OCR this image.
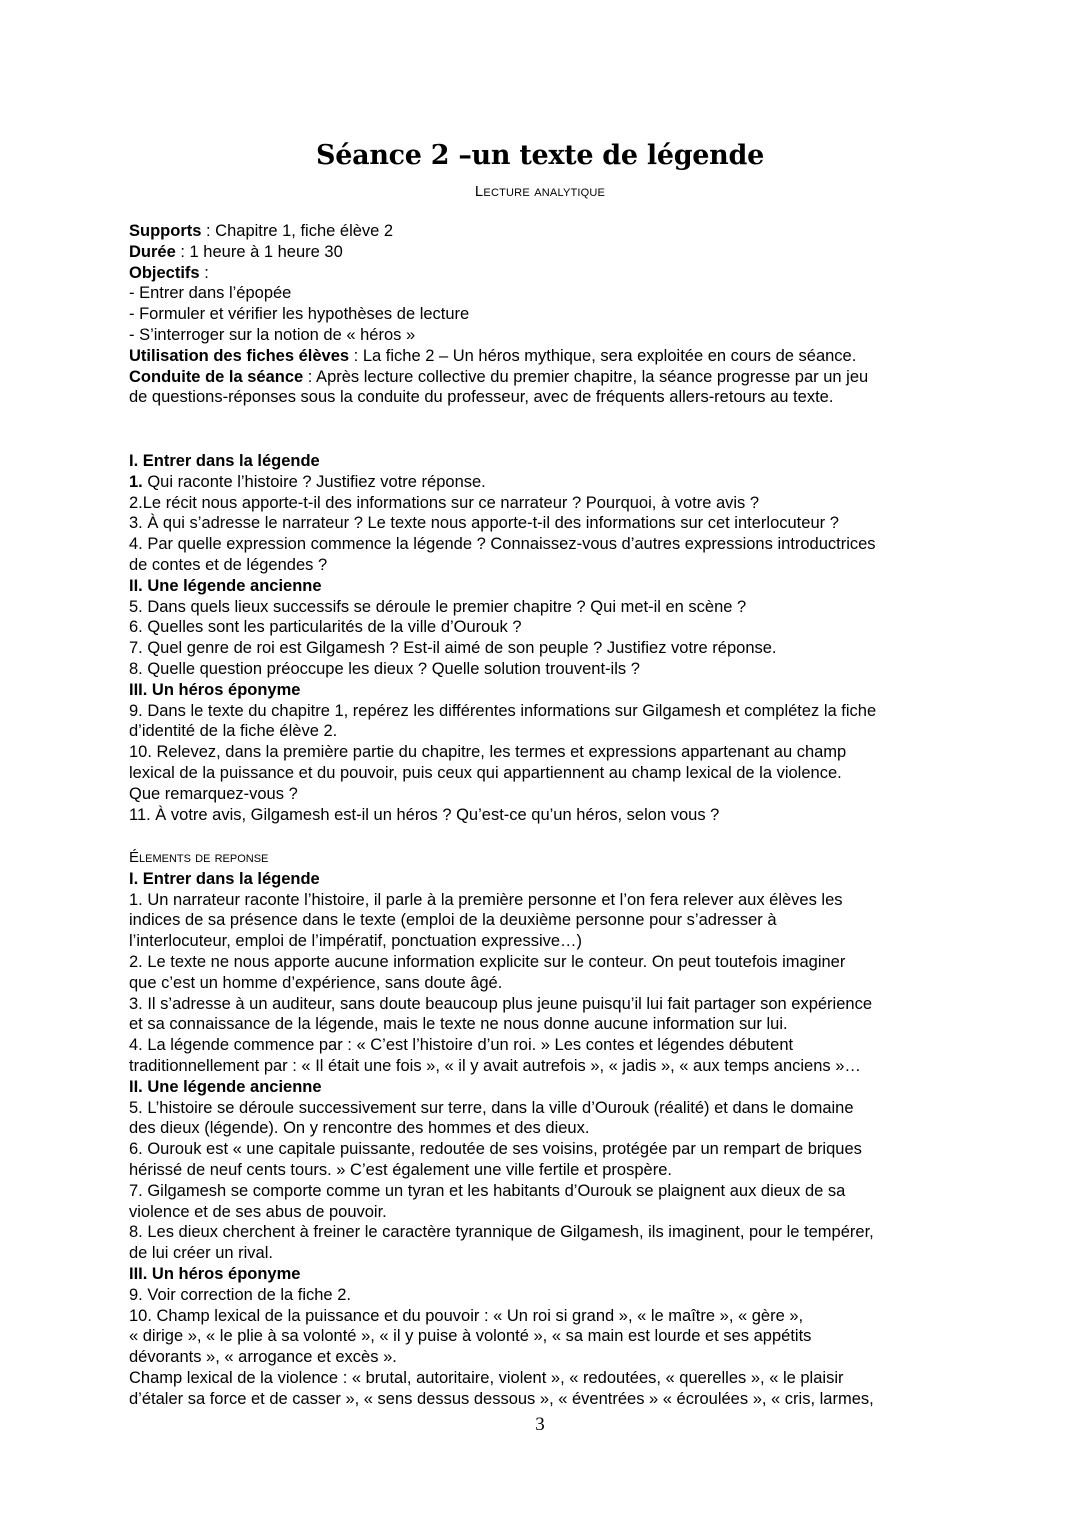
Séance 2 –un texte de légende
Lecture analytique
Supports : Chapitre 1, fiche élève 2
Durée : 1 heure à 1 heure 30
Objectifs :
- Entrer dans l’épopée
- Formuler et vérifier les hypothèses de lecture
- S’interroger sur la notion de « héros »
Utilisation des fiches élèves : La fiche 2 – Un héros mythique, sera exploitée en cours de séance.
Conduite de la séance : Après lecture collective du premier chapitre, la séance progresse par un jeu
de questions-réponses sous la conduite du professeur, avec de fréquents allers-retours au texte.
I. Entrer dans la légende
1. Qui raconte l’histoire ? Justifiez votre réponse.
2.Le récit nous apporte-t-il des informations sur ce narrateur ? Pourquoi, à votre avis ?
3. À qui s’adresse le narrateur ? Le texte nous apporte-t-il des informations sur cet interlocuteur ?
4. Par quelle expression commence la légende ? Connaissez-vous d’autres expressions introductrices
de contes et de légendes ?
II. Une légende ancienne
5. Dans quels lieux successifs se déroule le premier chapitre ? Qui met-il en scène ?
6. Quelles sont les particularités de la ville d’Ourouk ?
7. Quel genre de roi est Gilgamesh ? Est-il aimé de son peuple ? Justifiez votre réponse.
8. Quelle question préoccupe les dieux ? Quelle solution trouvent-ils ?
III. Un héros éponyme
9. Dans le texte du chapitre 1, repérez les différentes informations sur Gilgamesh et complétez la fiche
d’identité de la fiche élève 2.
10. Relevez, dans la première partie du chapitre, les termes et expressions appartenant au champ
lexical de la puissance et du pouvoir, puis ceux qui appartiennent au champ lexical de la violence.
Que remarquez-vous ?
11. À votre avis, Gilgamesh est-il un héros ? Qu’est-ce qu’un héros, selon vous ?
Élements de reponse
I. Entrer dans la légende
1. Un narrateur raconte l’histoire, il parle à la première personne et l’on fera relever aux élèves les
indices de sa présence dans le texte (emploi de la deuxième personne pour s’adresser à
l’interlocuteur, emploi de l’impératif, ponctuation expressive…)
2. Le texte ne nous apporte aucune information explicite sur le conteur. On peut toutefois imaginer
que c’est un homme d’expérience, sans doute âgé.
3. Il s’adresse à un auditeur, sans doute beaucoup plus jeune puisqu’il lui fait partager son expérience
et sa connaissance de la légende, mais le texte ne nous donne aucune information sur lui.
4. La légende commence par : « C’est l’histoire d’un roi. » Les contes et légendes débutent
traditionnellement par : « Il était une fois », « il y avait autrefois », « jadis », « aux temps anciens »…
II. Une légende ancienne
5. L’histoire se déroule successivement sur terre, dans la ville d’Ourouk (réalité) et dans le domaine
des dieux (légende). On y rencontre des hommes et des dieux.
6. Ourouk est « une capitale puissante, redoutée de ses voisins, protégée par un rempart de briques
hérissé de neuf cents tours. » C’est également une ville fertile et prospère.
7. Gilgamesh se comporte comme un tyran et les habitants d’Ourouk se plaignent aux dieux de sa
violence et de ses abus de pouvoir.
8. Les dieux cherchent à freiner le caractère tyrannique de Gilgamesh, ils imaginent, pour le tempérer,
de lui créer un rival.
III. Un héros éponyme
9. Voir correction de la fiche 2.
10. Champ lexical de la puissance et du pouvoir : « Un roi si grand », « le maître », « gère »,
« dirige », « le plie à sa volonté », « il y puise à volonté », « sa main est lourde et ses appétits
dévorants », « arrogance et excès ».
Champ lexical de la violence : « brutal, autoritaire, violent », « redoutées, « querelles », « le plaisir
d’étaler sa force et de casser », « sens dessus dessous », « éventrées » « écroulées », « cris, larmes,
3
